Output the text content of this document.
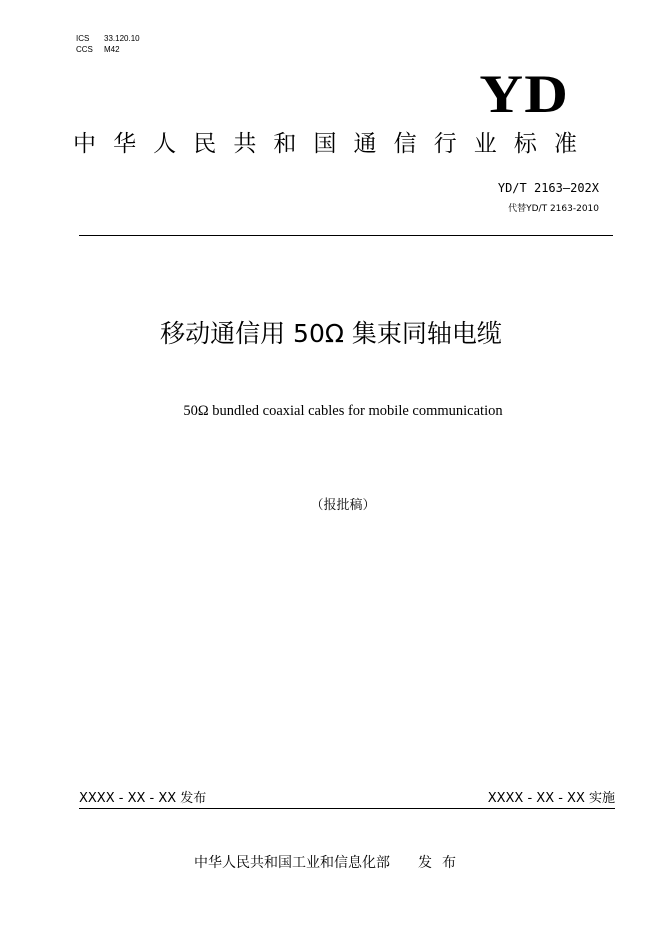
ICS 33.120.10
CCS M42
YD
中 华 人 民 共 和 国 通 信 行 业 标 准
YD/T 2163—202X
代替YD/T 2163-2010
移动通信用 50Ω 集束同轴电缆
50Ω bundled coaxial cables for mobile communication
（报批稿）
XXXX - XX - XX 发布	XXXX - XX - XX 实施
中华人民共和国工业和信息化部 发布
